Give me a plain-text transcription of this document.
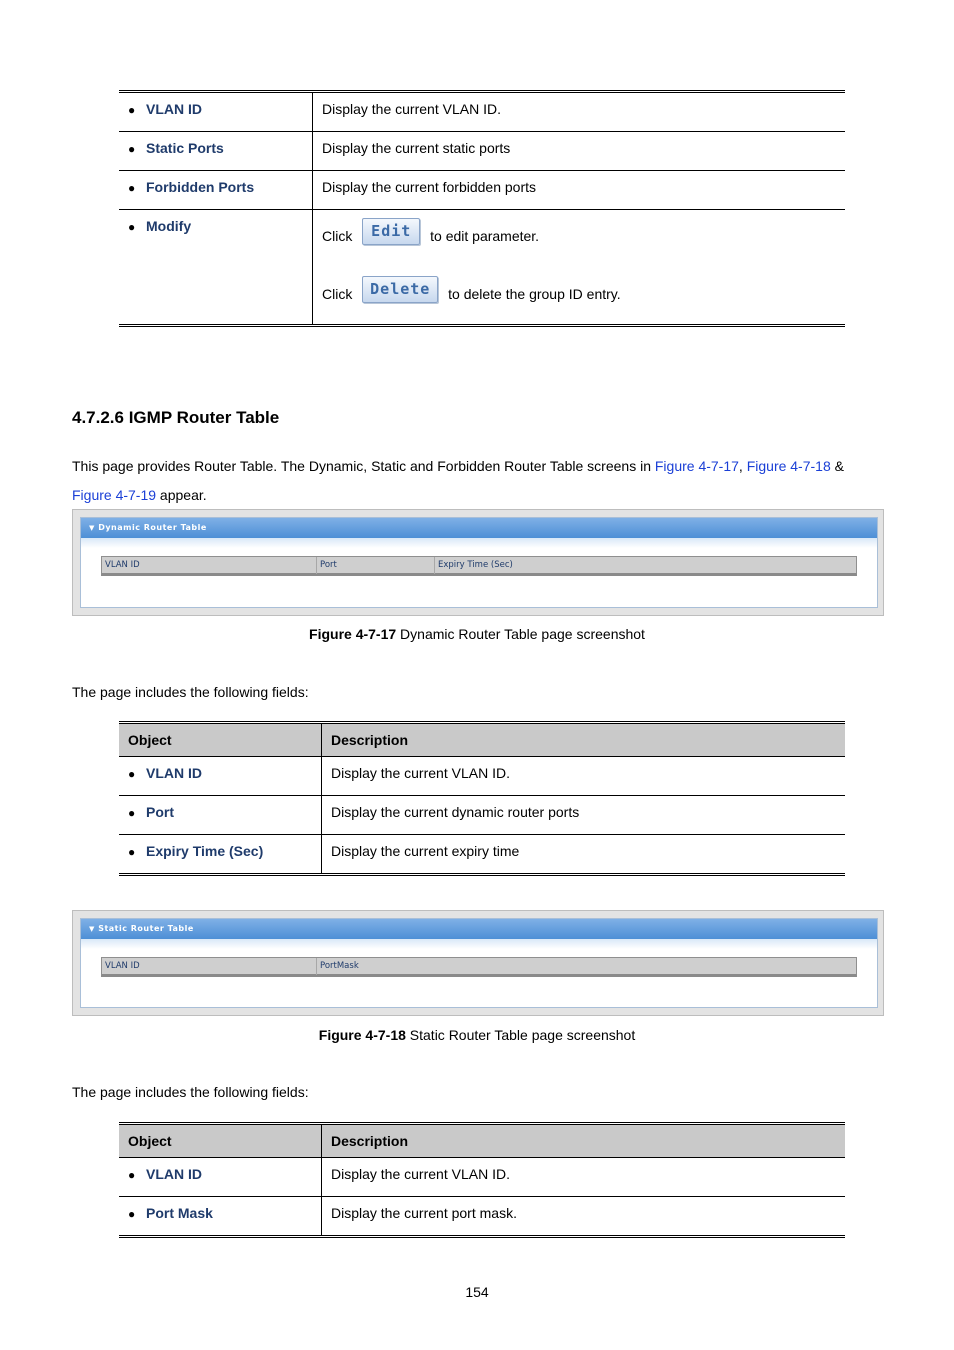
● VLAN ID	Display the current VLAN ID.

● Static Ports	Display the current static ports

● Forbidden Ports	Display the current forbidden ports

● Modify	Click Edit to edit parameter.
Click Delete to delete the group ID entry.
4.7.2.6 IGMP Router Table
This page provides Router Table. The Dynamic, Static and Forbidden Router Table screens in Figure 4-7-17, Figure 4-7-18 &
Figure 4-7-19 appear.
▼ Dynamic Router Table
VLAN ID	Port	Expiry Time (Sec)
Figure 4-7-17 Dynamic Router Table page screenshot
The page includes the following fields:
Object	Description

● VLAN ID	Display the current VLAN ID.

● Port	Display the current dynamic router ports

● Expiry Time (Sec)	Display the current expiry time
▼ Static Router Table
VLAN ID	PortMask
Figure 4-7-18 Static Router Table page screenshot
The page includes the following fields:
Object	Description

● VLAN ID	Display the current VLAN ID.

● Port Mask	Display the current port mask.
154
